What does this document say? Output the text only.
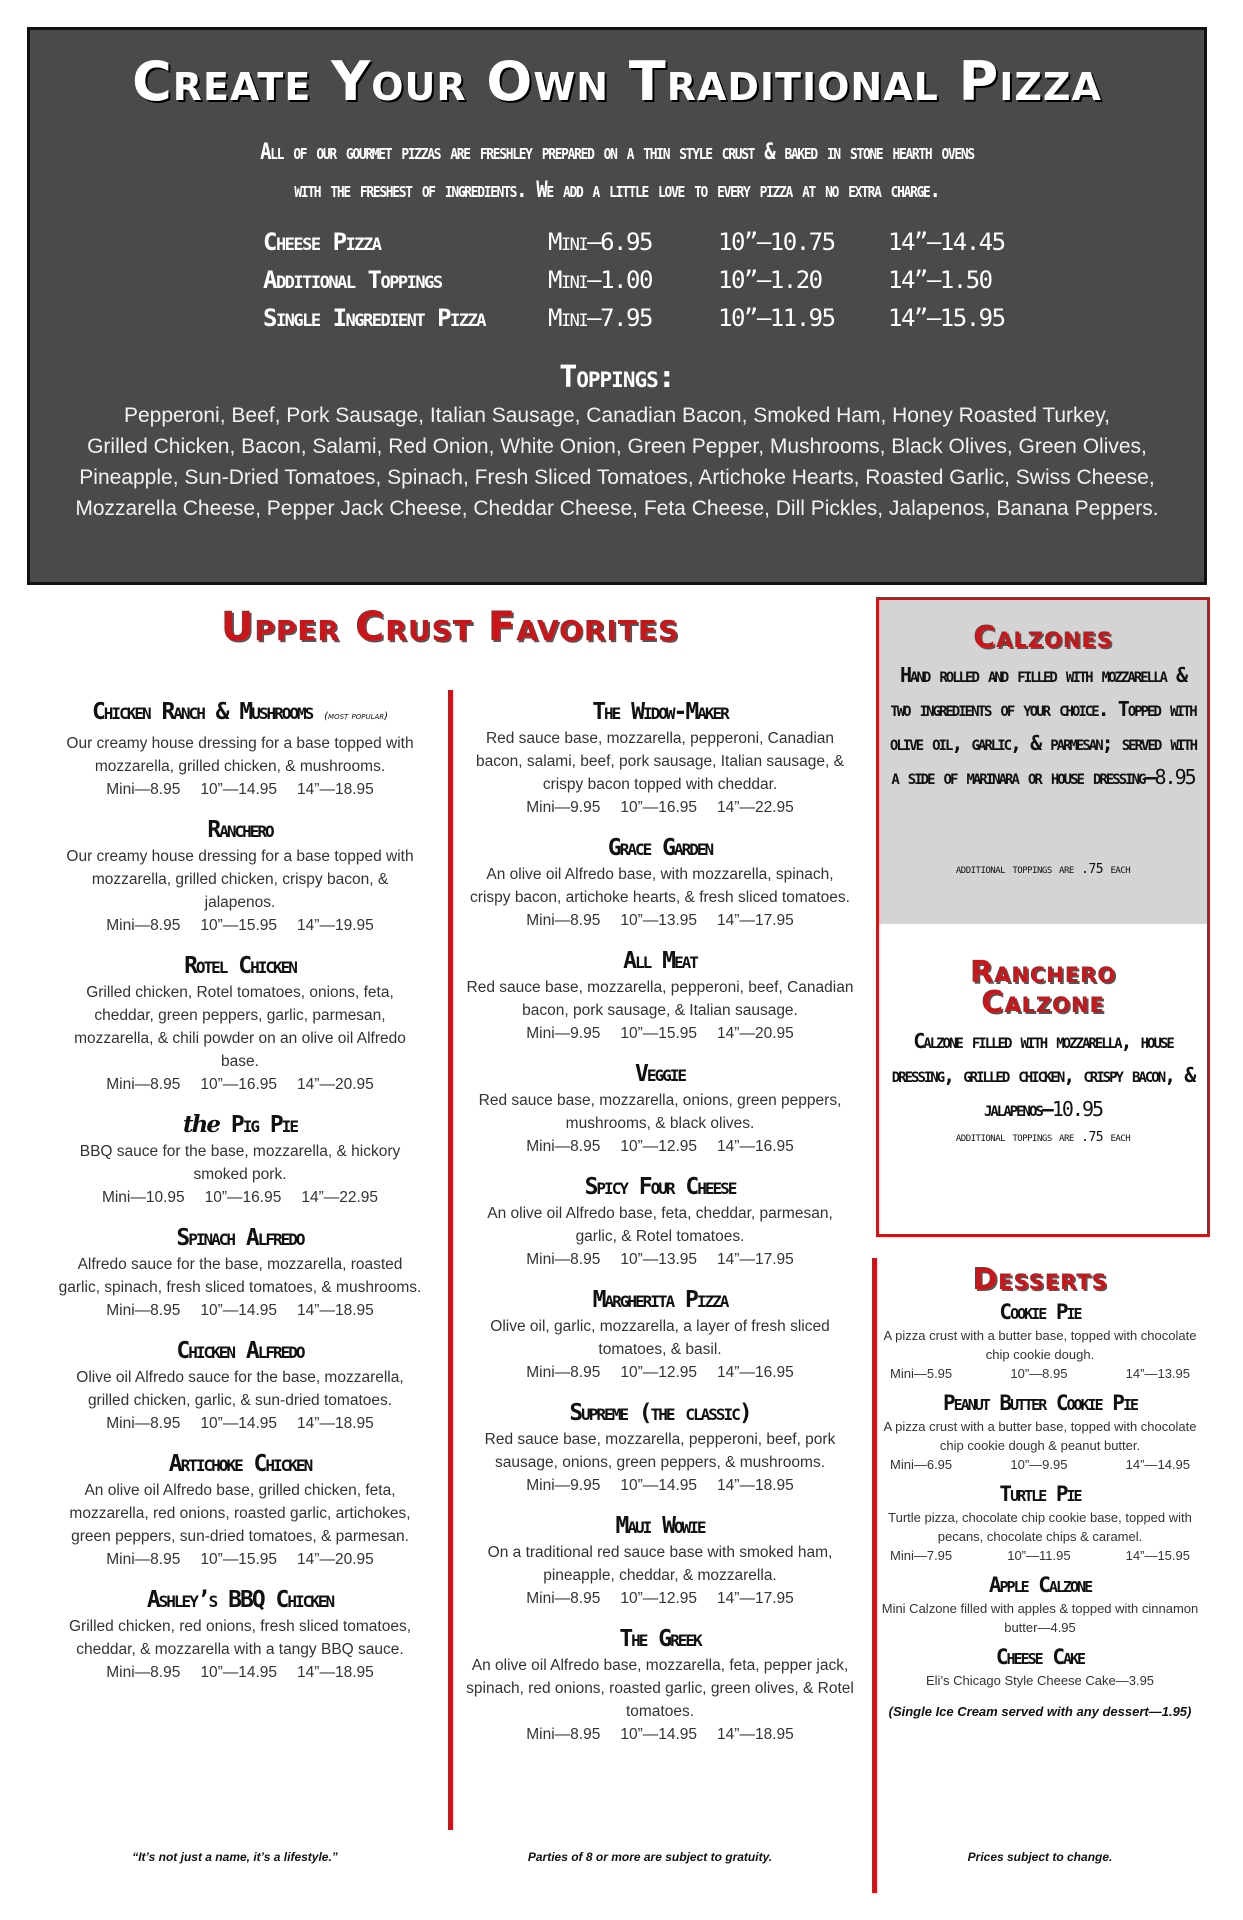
Create Your Own Traditional Pizza
All of our gourmet pizzas are freshley prepared on a thin style crust & baked in stone hearth ovens
with the freshest of ingredients. We add a little love to every pizza at no extra charge.
Cheese Pizza	Mini—6.95	10”—10.75 14”—14.45
Additional Toppings	Mini—1.00	10”—1.20	14”—1.50
Single Ingredient Pizza	Mini—7.95	10”—11.95 14”—15.95
Toppings:
Pepperoni, Beef, Pork Sausage, Italian Sausage, Canadian Bacon, Smoked Ham, Honey Roasted Turkey,
Grilled Chicken, Bacon, Salami, Red Onion, White Onion, Green Pepper, Mushrooms, Black Olives, Green Olives,
Pineapple, Sun-Dried Tomatoes, Spinach, Fresh Sliced Tomatoes, Artichoke Hearts, Roasted Garlic, Swiss Cheese,
Mozzarella Cheese, Pepper Jack Cheese, Cheddar Cheese, Feta Cheese, Dill Pickles, Jalapenos, Banana Peppers.
Upper Crust Favorites
Chicken Ranch & Mushrooms (most popular)
Our creamy house dressing for a base topped with mozzarella, grilled chicken, & mushrooms.
Mini—8.95 10”—14.95 14”—18.95
Ranchero
Our creamy house dressing for a base topped with mozzarella, grilled chicken, crispy bacon, & jalapenos.
Mini—8.95 10”—15.95 14”—19.95
Rotel Chicken
Grilled chicken, Rotel tomatoes, onions, feta, cheddar, green peppers, garlic, parmesan, mozzarella, & chili powder on an olive oil Alfredo base.
Mini—8.95 10”—16.95 14”—20.95
the Pig Pie
BBQ sauce for the base, mozzarella, & hickory smoked pork.
Mini—10.95 10”—16.95 14”—22.95
Spinach Alfredo
Alfredo sauce for the base, mozzarella, roasted garlic, spinach, fresh sliced tomatoes, & mushrooms.
Mini—8.95 10”—14.95 14”—18.95
Chicken Alfredo
Olive oil Alfredo sauce for the base, mozzarella, grilled chicken, garlic, & sun-dried tomatoes.
Mini—8.95 10”—14.95 14”—18.95
Artichoke Chicken
An olive oil Alfredo base, grilled chicken, feta, mozzarella, red onions, roasted garlic, artichokes, green peppers, sun-dried tomatoes, & parmesan.
Mini—8.95 10”—15.95 14”—20.95
Ashley’s BBQ Chicken
Grilled chicken, red onions, fresh sliced tomatoes, cheddar, & mozzarella with a tangy BBQ sauce.
Mini—8.95 10”—14.95 14”—18.95
The Widow-Maker
Red sauce base, mozzarella, pepperoni, Canadian bacon, salami, beef, pork sausage, Italian sausage, & crispy bacon topped with cheddar.
Mini—9.95 10”—16.95 14”—22.95
Grace Garden
An olive oil Alfredo base, with mozzarella, spinach, crispy bacon, artichoke hearts, & fresh sliced tomatoes.
Mini—8.95 10”—13.95 14”—17.95
All Meat
Red sauce base, mozzarella, pepperoni, beef, Canadian bacon, pork sausage, & Italian sausage.
Mini—9.95 10”—15.95 14”—20.95
Veggie
Red sauce base, mozzarella, onions, green peppers, mushrooms, & black olives.
Mini—8.95 10”—12.95 14”—16.95
Spicy Four Cheese
An olive oil Alfredo base, feta, cheddar, parmesan, garlic, & Rotel tomatoes.
Mini—8.95 10”—13.95 14”—17.95
Margherita Pizza
Olive oil, garlic, mozzarella, a layer of fresh sliced tomatoes, & basil.
Mini—8.95 10”—12.95 14”—16.95
Supreme (the classic)
Red sauce base, mozzarella, pepperoni, beef, pork sausage, onions, green peppers, & mushrooms.
Mini—9.95 10”—14.95 14”—18.95
Maui Wowie
On a traditional red sauce base with smoked ham, pineapple, cheddar, & mozzarella.
Mini—8.95 10”—12.95 14”—17.95
The Greek
An olive oil Alfredo base, mozzarella, feta, pepper jack, spinach, red onions, roasted garlic, green olives, & Rotel tomatoes.
Mini—8.95 10”—14.95 14”—18.95
Calzones
Hand rolled and filled with mozzarella & two ingredients of your choice. Topped with olive oil, garlic, & parmesan; served with a side of marinara or house dressing—8.95
additional toppings are .75 each
Ranchero
Calzone
Calzone filled with mozzarella, house dressing, grilled chicken, crispy bacon, & jalapenos—10.95
additional toppings are .75 each
Desserts
Cookie Pie
A pizza crust with a butter base, topped with chocolate chip cookie dough.
Mini—5.95	10”—8.95	14”—13.95
Peanut Butter Cookie Pie
A pizza crust with a butter base, topped with chocolate chip cookie dough & peanut butter.
Mini—6.95	10”—9.95	14”—14.95
Turtle Pie
Turtle pizza, chocolate chip cookie base, topped with pecans, chocolate chips & caramel.
Mini—7.95	10”—11.95	14”—15.95
Apple Calzone
Mini Calzone filled with apples & topped with cinnamon butter—4.95
Cheese Cake
Eli’s Chicago Style Cheese Cake—3.95
(Single Ice Cream served with any dessert—1.95)
“It’s not just a name, it’s a lifestyle.”	Parties of 8 or more are subject to gratuity.	Prices subject to change.
